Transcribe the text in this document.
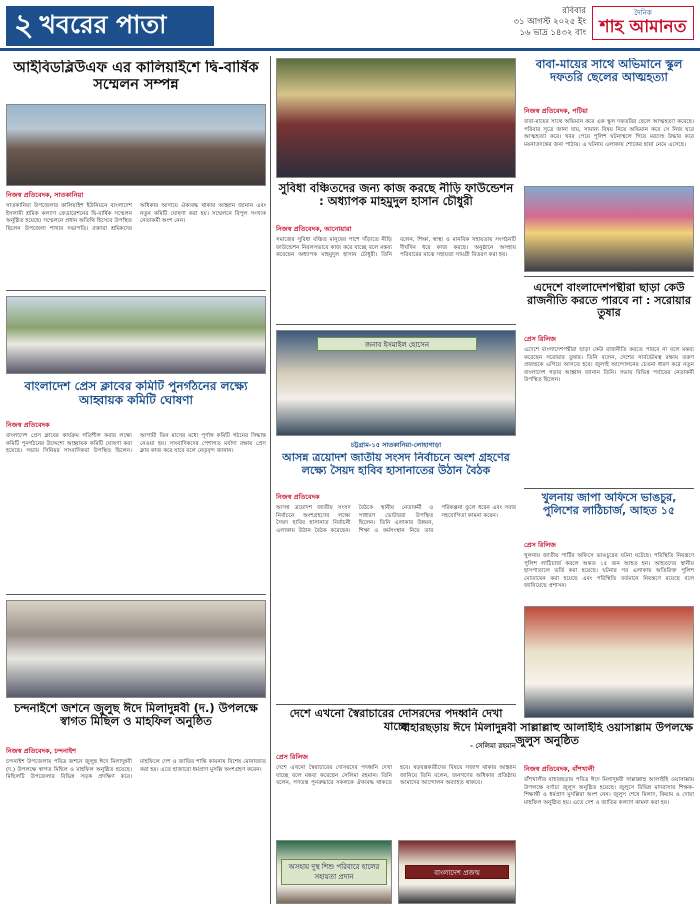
২ খবরের পাতা	রবিবার
৩১ আগস্ট ২০২৫ ইং
১৬ ভাদ্র ১৪৩২ বাং
দৈনিক
শাহ আমানত
আইবিডব্লিউএফ এর কালিয়াইশে দ্বি-বার্ষিক সম্মেলন সম্পন্ন
নিজস্ব প্রতিবেদক, সাতকানিয়া
সাতকানিয়া উপজেলার কালিয়াইশ ইউনিয়নে বাংলাদেশ ইসলামী শ্রমিক কল্যাণ ফেডারেশনের দ্বি-বার্ষিক সম্মেলন অনুষ্ঠিত হয়েছে। সম্মেলনে প্রধান অতিথি হিসেবে উপস্থিত ছিলেন উপজেলা শাখার সভাপতি। বক্তারা শ্রমিকদের অধিকার আদায়ে ঐক্যবদ্ধ থাকার আহ্বান জানান এবং নতুন কমিটি ঘোষণা করা হয়। সম্মেলনে বিপুল সংখ্যক নেতাকর্মী অংশ নেন।
বাংলাদেশ প্রেস ক্লাবের কমিটি পুনর্গঠনের লক্ষ্যে আহ্বায়ক কমিটি ঘোষণা
নিজস্ব প্রতিবেদক
বাংলাদেশ প্রেস ক্লাবের কার্যক্রম গতিশীল করার লক্ষ্যে কমিটি পুনর্গঠনের উদ্দেশ্যে আহ্বায়ক কমিটি ঘোষণা করা হয়েছে। সভায় সিনিয়র সাংবাদিকরা উপস্থিত ছিলেন। আগামী তিন মাসের মধ্যে পূর্ণাঙ্গ কমিটি গঠনের সিদ্ধান্ত নেওয়া হয়। সাংবাদিকদের পেশাগত মর্যাদা রক্ষায় প্রেস ক্লাব কাজ করে যাবে বলে নেতৃবৃন্দ জানান।
চন্দনাইশে জশনে জুলুছ ঈদে মিলাদুন্নবী (দ.) উপলক্ষে স্বাগত মিছিল ও মাহফিল অনুষ্ঠিত
নিজস্ব প্রতিবেদক, চন্দনাইশ
চন্দনাইশ উপজেলায় পবিত্র জশনে জুলুছ ঈদে মিলাদুন্নবী (দ.) উপলক্ষে স্বাগত মিছিল ও মাহফিল অনুষ্ঠিত হয়েছে। মিছিলটি উপজেলার বিভিন্ন সড়ক প্রদক্ষিণ করে। মাহফিলে দেশ ও জাতির শান্তি কামনায় বিশেষ মোনাজাত করা হয়। এতে হাজারো ধর্মপ্রাণ মুসল্লি অংশগ্রহণ করেন।
সুবিধা বঞ্চিতদের জন্য কাজ করছে নীড়ি ফাউন্ডেশন : অধ্যাপক মাহমুদুল হাসান চৌধুরী
নিজস্ব প্রতিবেদক, আনোয়ারা
সমাজের সুবিধা বঞ্চিত মানুষের পাশে দাঁড়াতে নীড়ি ফাউন্ডেশন নিরলসভাবে কাজ করে যাচ্ছে বলে মন্তব্য করেছেন অধ্যাপক মাহমুদুল হাসান চৌধুরী। তিনি বলেন, শিক্ষা, স্বাস্থ্য ও মানবিক সহায়তায় সংগঠনটি দীর্ঘদিন ধরে কাজ করছে। অনুষ্ঠানে অসহায় পরিবারের মাঝে সহায়তা সামগ্রী বিতরণ করা হয়।
জনাব ইসমাইল হোসেন
চট্টগ্রাম-১৫ সাতকানিয়া-লোহাগাড়া
আসন্ন ত্রয়োদশ জাতীয় সংসদ নির্বাচনে অংশ গ্রহণের লক্ষ্যে সৈয়দ হাবিব হাসানাতের উঠান বৈঠক
নিজস্ব প্রতিবেদক
আসন্ন ত্রয়োদশ জাতীয় সংসদ নির্বাচনে অংশগ্রহণের লক্ষ্যে সৈয়দ হাবিব হাসানাত নির্বাচনী এলাকায় উঠান বৈঠক করেছেন। বৈঠকে স্থানীয় নেতাকর্মী ও সাধারণ ভোটাররা উপস্থিত ছিলেন। তিনি এলাকার উন্নয়ন, শিক্ষা ও কর্মসংস্থান নিয়ে তার পরিকল্পনা তুলে ধরেন এবং সবার সহযোগিতা কামনা করেন।
দেশে এখনো স্বৈরাচারের দোসরদের পদধ্বনি দেখা যাচ্ছে
- সেলিমা রহমান
প্রেস রিলিজ
দেশে এখনো স্বৈরাচারের দোসরদের পদধ্বনি দেখা যাচ্ছে বলে মন্তব্য করেছেন সেলিমা রহমান। তিনি বলেন, গণতন্ত্র পুনরুদ্ধারে সকলকে ঐক্যবদ্ধ থাকতে হবে। ষড়যন্ত্রকারীদের বিষয়ে সজাগ থাকার আহ্বান জানিয়ে তিনি বলেন, জনগণের অধিকার প্রতিষ্ঠায় আমাদের আন্দোলন অব্যাহত থাকবে।
অসহায় দুস্থ শিশু পরিবারে হালের সহায়তা প্রদান	বাংলাদেশ প্রজন্ম
বাবা-মায়ের সাথে অভিমানে স্কুল দফতরি ছেলের আত্মহত্যা
নিজস্ব প্রতিবেদক, পটিয়া
বাবা-মায়ের সাথে অভিমান করে এক স্কুল দফতরির ছেলে আত্মহত্যা করেছে। পরিবার সূত্রে জানা যায়, সামান্য বিষয় নিয়ে অভিমান করে সে নিজ ঘরে আত্মহত্যা করে। খবর পেয়ে পুলিশ ঘটনাস্থলে গিয়ে মরদেহ উদ্ধার করে ময়নাতদন্তের জন্য পাঠায়। এ ঘটনায় এলাকায় শোকের ছায়া নেমে এসেছে।
এদেশে বাংলাদেশপন্থীরা ছাড়া কেউ রাজনীতি করতে পারবে না : সরোয়ার তুষার
প্রেস রিলিজ
এদেশে বাংলাদেশপন্থীরা ছাড়া কেউ রাজনীতি করতে পারবে না বলে মন্তব্য করেছেন সরোয়ার তুষার। তিনি বলেন, দেশের সার্বভৌমত্ব রক্ষায় তরুণ প্রজন্মকে এগিয়ে আসতে হবে। জুলাই আন্দোলনের চেতনা ধারণ করে নতুন বাংলাদেশ গড়ার আহ্বান জানান তিনি। সভায় বিভিন্ন পর্যায়ের নেতাকর্মী উপস্থিত ছিলেন।
খুলনায় জাপা অফিসে ভাঙচুর, পুলিশের লাঠিচার্জ, আহত ১৫
প্রেস রিলিজ
খুলনায় জাতীয় পার্টির অফিসে ভাঙচুরের ঘটনা ঘটেছে। পরিস্থিতি নিয়ন্ত্রণে পুলিশ লাঠিচার্জ করলে অন্তত ১৫ জন আহত হন। আহতদের স্থানীয় হাসপাতালে ভর্তি করা হয়েছে। ঘটনার পর এলাকায় অতিরিক্ত পুলিশ মোতায়েন করা হয়েছে এবং পরিস্থিতি বর্তমানে নিয়ন্ত্রণে রয়েছে বলে জানিয়েছে প্রশাসন।
বাহারছড়ায় ঈদে মিলাদুন্নবী সাল্লাল্লাহু আলাইহি ওয়াসাল্লাম উপলক্ষে জুলুস অনুষ্ঠিত
নিজস্ব প্রতিবেদক, বাঁশখালী
বাঁশখালীর বাহারছড়ায় পবিত্র ঈদে মিলাদুন্নবী সাল্লাল্লাহু আলাইহি ওয়াসাল্লাম উপলক্ষে বর্ণাঢ্য জুলুস অনুষ্ঠিত হয়েছে। জুলুসে বিভিন্ন মাদরাসার শিক্ষক-শিক্ষার্থী ও ধর্মপ্রাণ মুসল্লিরা অংশ নেন। জুলুস শেষে মিলাদ, কিয়াম ও দোয়া মাহফিল অনুষ্ঠিত হয়। এতে দেশ ও জাতির কল্যাণ কামনা করা হয়।
